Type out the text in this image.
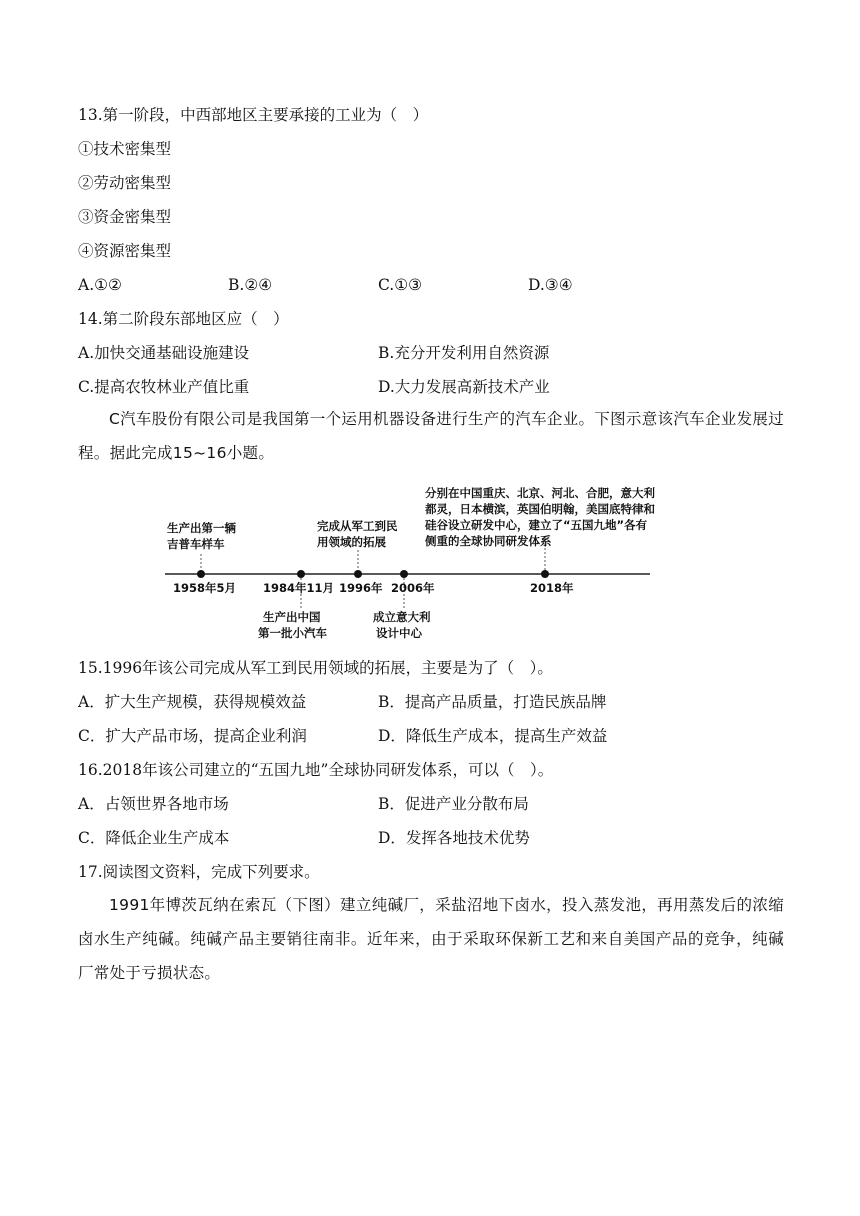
13.第一阶段，中西部地区主要承接的工业为（　）
①技术密集型
②劳动密集型
③资金密集型
④资源密集型
A.①②	B.②④	C.①③	D.③④
14.第二阶段东部地区应（　）
A.加快交通基础设施建设	B.充分开发利用自然资源
C.提高农牧林业产值比重	D.大力发展高新技术产业
C汽车股份有限公司是我国第一个运用机器设备进行生产的汽车企业。下图示意该汽车企业发展过程。据此完成15~16小题。
1958年5月 1984年11月 1996年 2006年	2018年
生产出第一辆
吉普车样车
完成从军工到民
用领域的拓展
分别在中国重庆、北京、河北、合肥，意大利
都灵，日本横滨，英国伯明翰，美国底特律和
硅谷设立研发中心，建立了“五国九地”各有
侧重的全球协同研发体系
生产出中国
第一批小汽车
成立意大利
设计中心
15.1996年该公司完成从军工到民用领域的拓展，主要是为了（　）。
A．扩大生产规模，获得规模效益	B．提高产品质量，打造民族品牌
C．扩大产品市场，提高企业利润	D．降低生产成本，提高生产效益
16.2018年该公司建立的“五国九地”全球协同研发体系，可以（　）。
A．占领世界各地市场	B．促进产业分散布局
C．降低企业生产成本	D．发挥各地技术优势
17.阅读图文资料，完成下列要求。
1991年博茨瓦纳在索瓦（下图）建立纯碱厂，采盐沼地下卤水，投入蒸发池，再用蒸发后的浓缩卤水生产纯碱。纯碱产品主要销往南非。近年来，由于采取环保新工艺和来自美国产品的竞争，纯碱厂常处于亏损状态。
